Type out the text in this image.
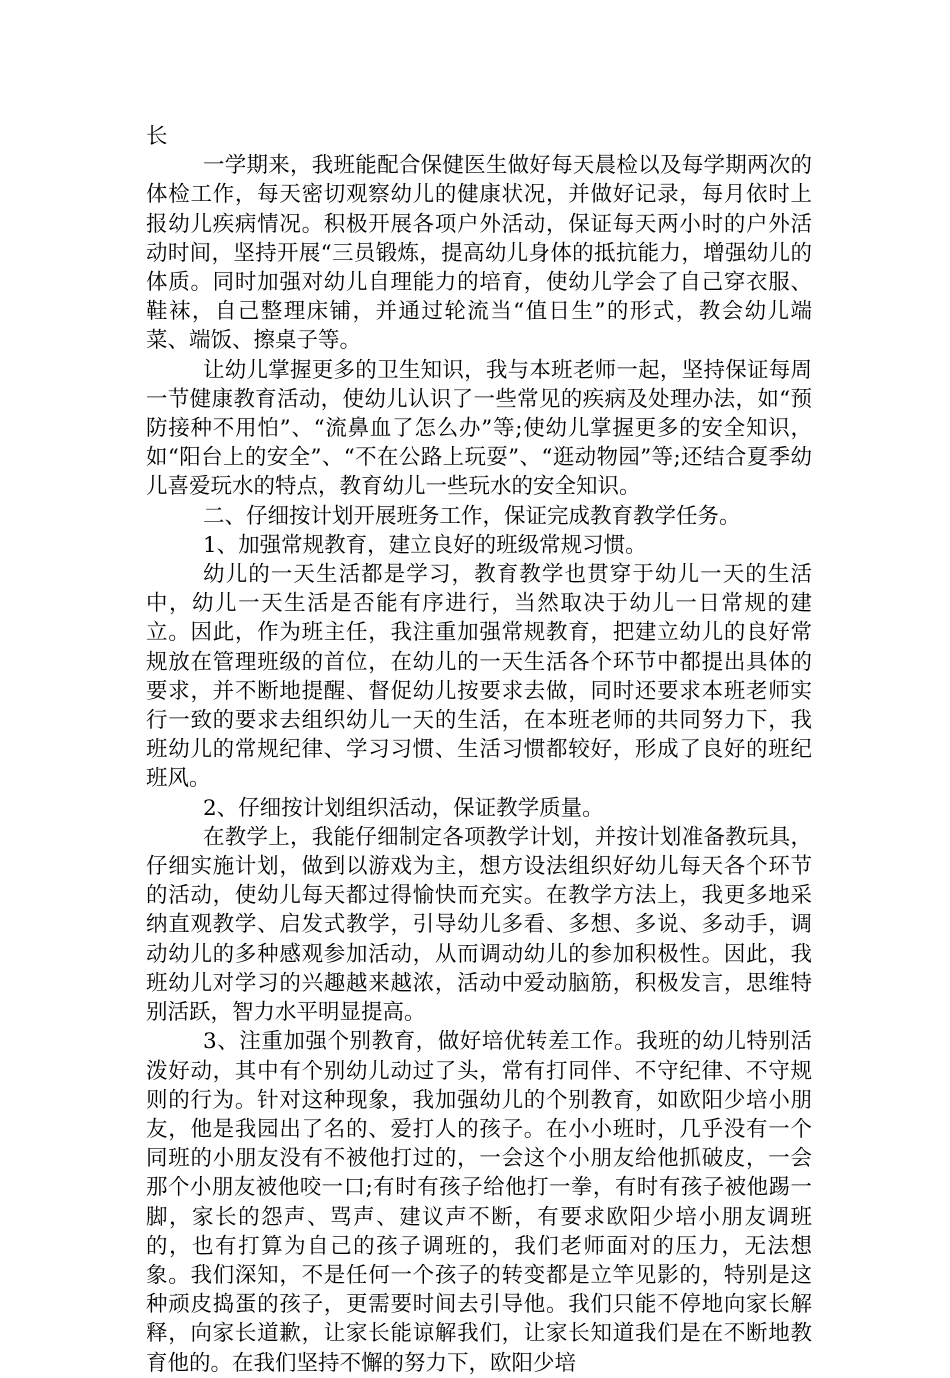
长

一学期来，我班能配合保健医生做好每天晨检以及每学期两次的体检工作，每天密切观察幼儿的健康状况，并做好记录，每月依时上报幼儿疾病情况。积极开展各项户外活动，保证每天两小时的户外活动时间，坚持开展“三员锻炼，提高幼儿身体的抵抗能力，增强幼儿的体质。同时加强对幼儿自理能力的培育，使幼儿学会了自己穿衣服、鞋袜，自己整理床铺，并通过轮流当“值日生”的形式，教会幼儿端菜、端饭、擦桌子等。

让幼儿掌握更多的卫生知识，我与本班老师一起，坚持保证每周一节健康教育活动，使幼儿认识了一些常见的疾病及处理办法，如“预防接种不用怕”、“流鼻血了怎么办”等;使幼儿掌握更多的安全知识，如“阳台上的安全”、“不在公路上玩耍”、“逛动物园”等;还结合夏季幼儿喜爱玩水的特点，教育幼儿一些玩水的安全知识。

二、仔细按计划开展班务工作，保证完成教育教学任务。

1、加强常规教育，建立良好的班级常规习惯。

幼儿的一天生活都是学习，教育教学也贯穿于幼儿一天的生活中，幼儿一天生活是否能有序进行，当然取决于幼儿一日常规的建立。因此，作为班主任，我注重加强常规教育，把建立幼儿的良好常规放在管理班级的首位，在幼儿的一天生活各个环节中都提出具体的要求，并不断地提醒、督促幼儿按要求去做，同时还要求本班老师实行一致的要求去组织幼儿一天的生活，在本班老师的共同努力下，我班幼儿的常规纪律、学习习惯、生活习惯都较好，形成了良好的班纪班风。

2、仔细按计划组织活动，保证教学质量。

在教学上，我能仔细制定各项教学计划，并按计划准备教玩具，仔细实施计划，做到以游戏为主，想方设法组织好幼儿每天各个环节的活动，使幼儿每天都过得愉快而充实。在教学方法上，我更多地采纳直观教学、启发式教学，引导幼儿多看、多想、多说、多动手，调动幼儿的多种感观参加活动，从而调动幼儿的参加积极性。因此，我班幼儿对学习的兴趣越来越浓，活动中爱动脑筋，积极发言，思维特别活跃，智力水平明显提高。

3、注重加强个别教育，做好培优转差工作。我班的幼儿特别活泼好动，其中有个别幼儿动过了头，常有打同伴、不守纪律、不守规则的行为。针对这种现象，我加强幼儿的个别教育，如欧阳少培小朋友，他是我园出了名的、爱打人的孩子。在小小班时，几乎没有一个同班的小朋友没有不被他打过的，一会这个小朋友给他抓破皮，一会那个小朋友被他咬一口;有时有孩子给他打一拳，有时有孩子被他踢一脚，家长的怨声、骂声、建议声不断，有要求欧阳少培小朋友调班的，也有打算为自己的孩子调班的，我们老师面对的压力，无法想象。我们深知，不是任何一个孩子的转变都是立竿见影的，特别是这种顽皮捣蛋的孩子，更需要时间去引导他。我们只能不停地向家长解释，向家长道歉，让家长能谅解我们，让家长知道我们是在不断地教育他的。在我们坚持不懈的努力下，欧阳少培
